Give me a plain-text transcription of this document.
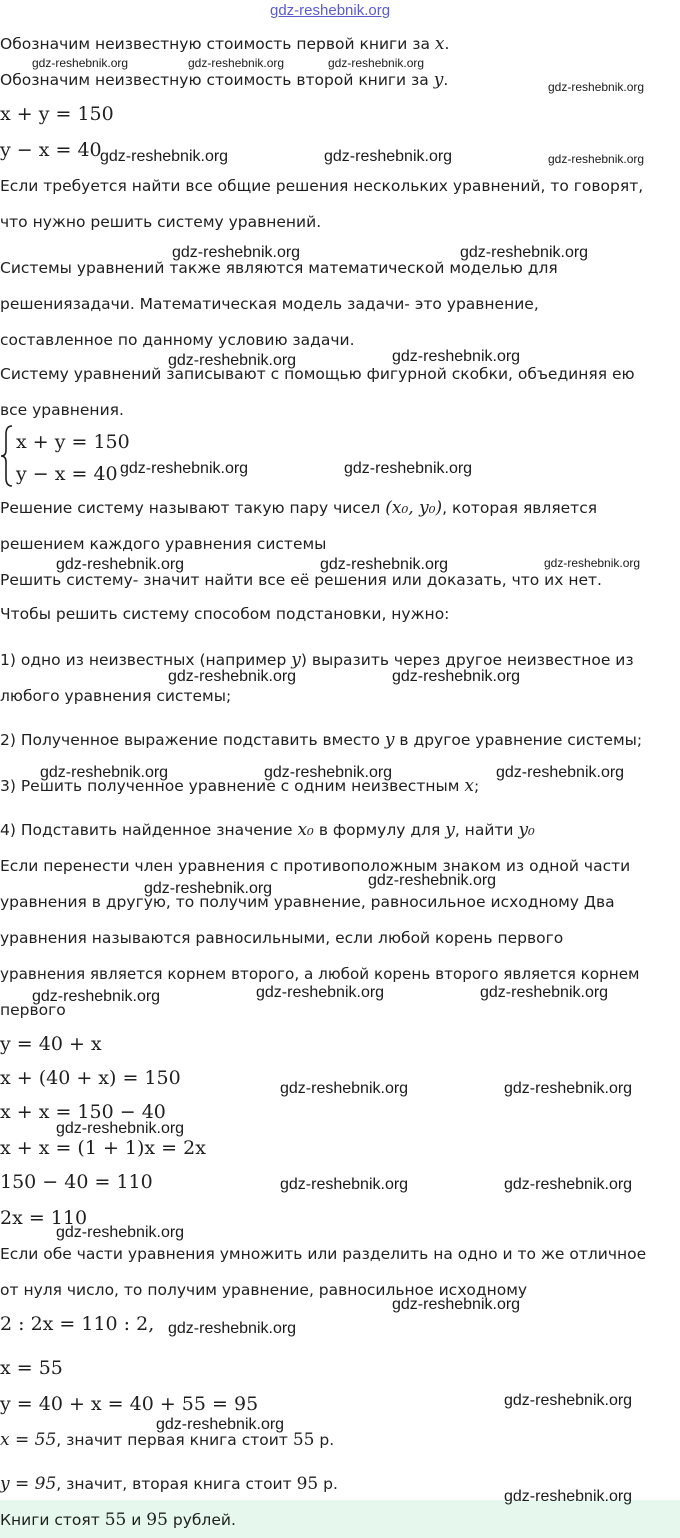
gdz-reshebnik.org
Обозначим неизвестную стоимость первой книги за x.
Обозначим неизвестную стоимость второй книги за y.
x + y = 150
y − x = 40
Если требуется найти все общие решения нескольких уравнений, то говорят,
что нужно решить систему уравнений.
Системы уравнений также являются математической моделью для
решениязадачи. Математическая модель задачи- это уравнение,
составленное по данному условию задачи.
Систему уравнений записывают с помощью фигурной скобки, объединяя ею
все уравнения.
x + y = 150
y − x = 40
Решение систему называют такую пару чисел (x₀, y₀), которая является
решением каждого уравнения системы
Решить систему- значит найти все её решения или доказать, что их нет.
Чтобы решить систему способом подстановки, нужно:
1) одно из неизвестных (например y) выразить через другое неизвестное из
любого уравнения системы;
2) Полученное выражение подставить вместо y в другое уравнение системы;
3) Решить полученное уравнение с одним неизвестным x;
4) Подставить найденное значение x₀ в формулу для y, найти y₀
Если перенести член уравнения с противоположным знаком из одной части
уравнения в другую, то получим уравнение, равносильное исходному Два
уравнения называются равносильными, если любой корень первого
уравнения является корнем второго, а любой корень второго является корнем
первого
y = 40 + x
x + (40 + x) = 150
x + x = 150 − 40
x + x = (1 + 1)x = 2x
150 − 40 = 110
2x = 110
Если обе части уравнения умножить или разделить на одно и то же отличное
от нуля число, то получим уравнение, равносильное исходному
2 : 2x = 110 : 2,
x = 55
y = 40 + x = 40 + 55 = 95
x = 55, значит первая книга стоит 55 р.
y = 95, значит, вторая книга стоит 95 р.
Книги стоят 55 и 95 рублей.
gdz-reshebnik.org	gdz-reshebnik.org	gdz-reshebnik.org
gdz-reshebnik.org
gdz-reshebnik.org	gdz-reshebnik.org	gdz-reshebnik.org
gdz-reshebnik.org	gdz-reshebnik.org
gdz-reshebnik.org	gdz-reshebnik.org
gdz-reshebnik.org	gdz-reshebnik.org
gdz-reshebnik.org	gdz-reshebnik.org	gdz-reshebnik.org
gdz-reshebnik.org	gdz-reshebnik.org
gdz-reshebnik.org	gdz-reshebnik.org	gdz-reshebnik.org
gdz-reshebnik.org	gdz-reshebnik.org
gdz-reshebnik.org	gdz-reshebnik.org	gdz-reshebnik.org
gdz-reshebnik.org	gdz-reshebnik.org
gdz-reshebnik.org
gdz-reshebnik.org	gdz-reshebnik.org
gdz-reshebnik.org
gdz-reshebnik.org
gdz-reshebnik.org
gdz-reshebnik.org
gdz-reshebnik.org
gdz-reshebnik.org
